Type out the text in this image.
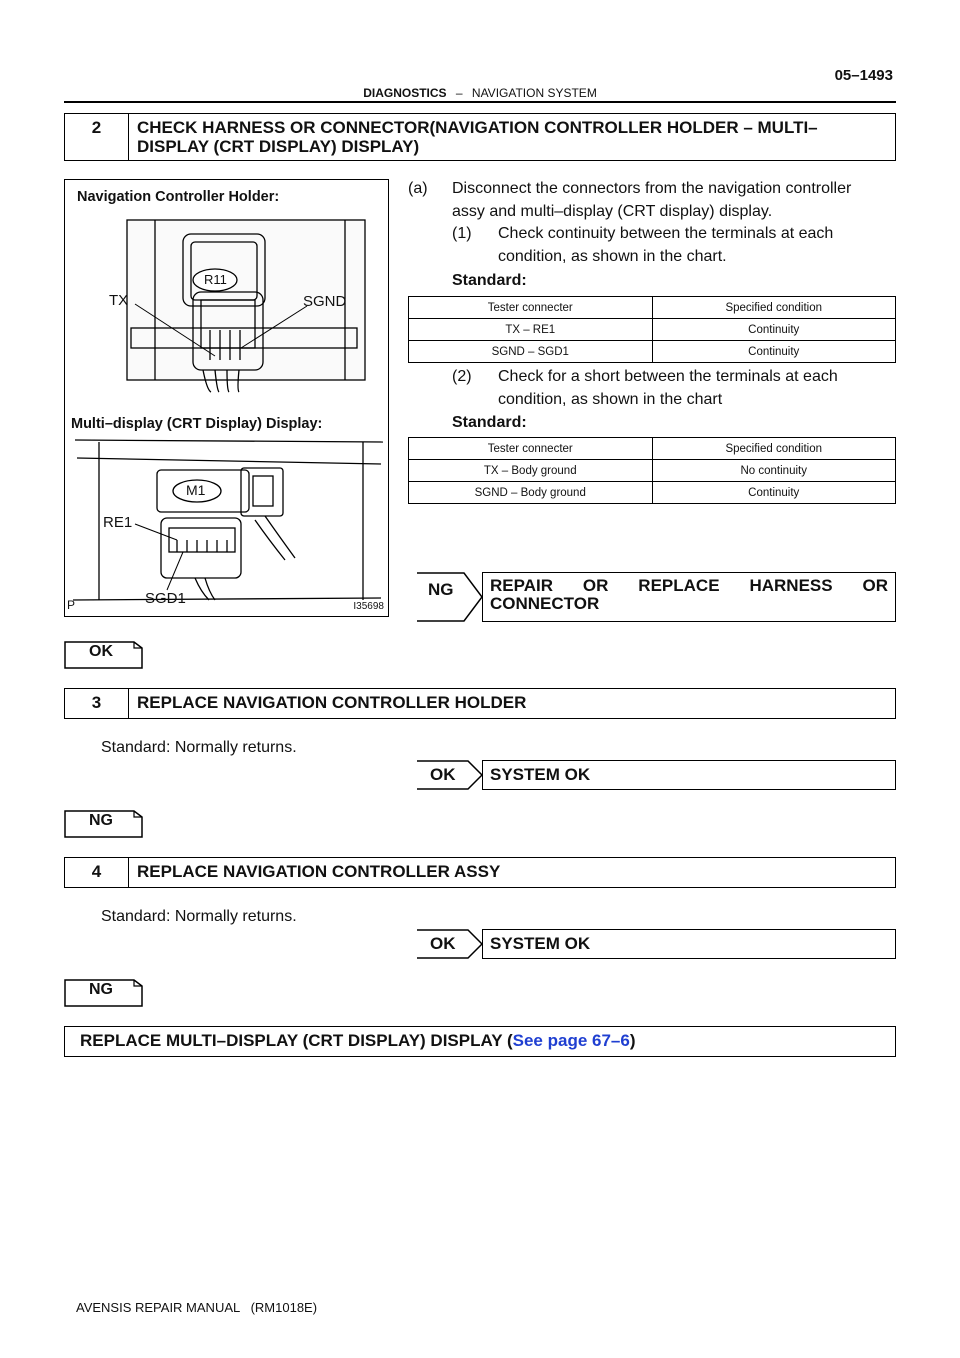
05–1493
DIAGNOSTICS – NAVIGATION SYSTEM
2	CHECK HARNESS OR CONNECTOR(NAVIGATION CONTROLLER HOLDER – MULTI–DISPLAY (CRT DISPLAY) DISPLAY)
Navigation Controller Holder:
Multi–display (CRT Display) Display:
R11
TX	SGND
M1
RE1
SGD1
P	I35698
(a) Disconnect the connectors from the navigation controller
assy and multi–display (CRT display) display.
(1) Check continuity between the terminals at each
condition, as shown in the chart.
Standard:
Tester connecter	Specified condition
TX – RE1	Continuity
SGND – SGD1	Continuity
(2) Check for a short between the terminals at each
condition, as shown in the chart
Standard:
Tester connecter	Specified condition
TX – Body ground	No continuity
SGND – Body ground	Continuity
NG REPAIR OR REPLACE HARNESS OR
CONNECTOR
OK
3	REPLACE NAVIGATION CONTROLLER HOLDER
Standard: Normally returns.
OK	SYSTEM OK
NG
4	REPLACE NAVIGATION CONTROLLER ASSY
Standard: Normally returns.
OK	SYSTEM OK
NG
REPLACE MULTI–DISPLAY (CRT DISPLAY) DISPLAY (See page 67–6)
AVENSIS REPAIR MANUAL   (RM1018E)
